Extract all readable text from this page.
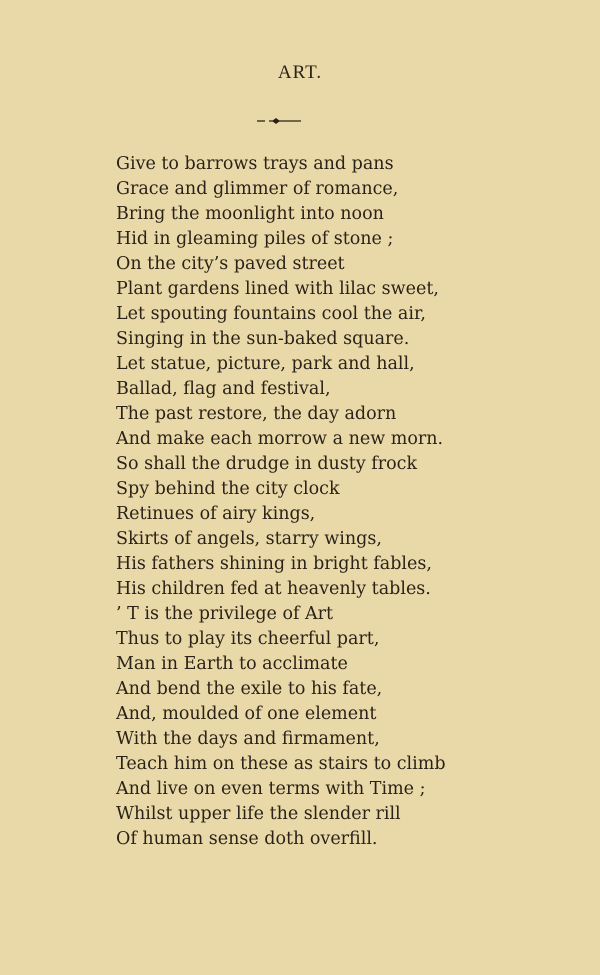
ART.
Give to barrows trays and pans
Grace and glimmer of romance,
Bring the moonlight into noon
Hid in gleaming piles of stone ;
On the city’s paved street
Plant gardens lined with lilac sweet,
Let spouting fountains cool the air,
Singing in the sun-baked square.
Let statue, picture, park and hall,
Ballad, flag and festival,
The past restore, the day adorn
And make each morrow a new morn.
So shall the drudge in dusty frock
Spy behind the city clock
Retinues of airy kings,
Skirts of angels, starry wings,
His fathers shining in bright fables,
His children fed at heavenly tables.
’ T is the privilege of Art
Thus to play its cheerful part,
Man in Earth to acclimate
And bend the exile to his fate,
And, moulded of one element
With the days and firmament,
Teach him on these as stairs to climb
And live on even terms with Time ;
Whilst upper life the slender rill
Of human sense doth overfill.
